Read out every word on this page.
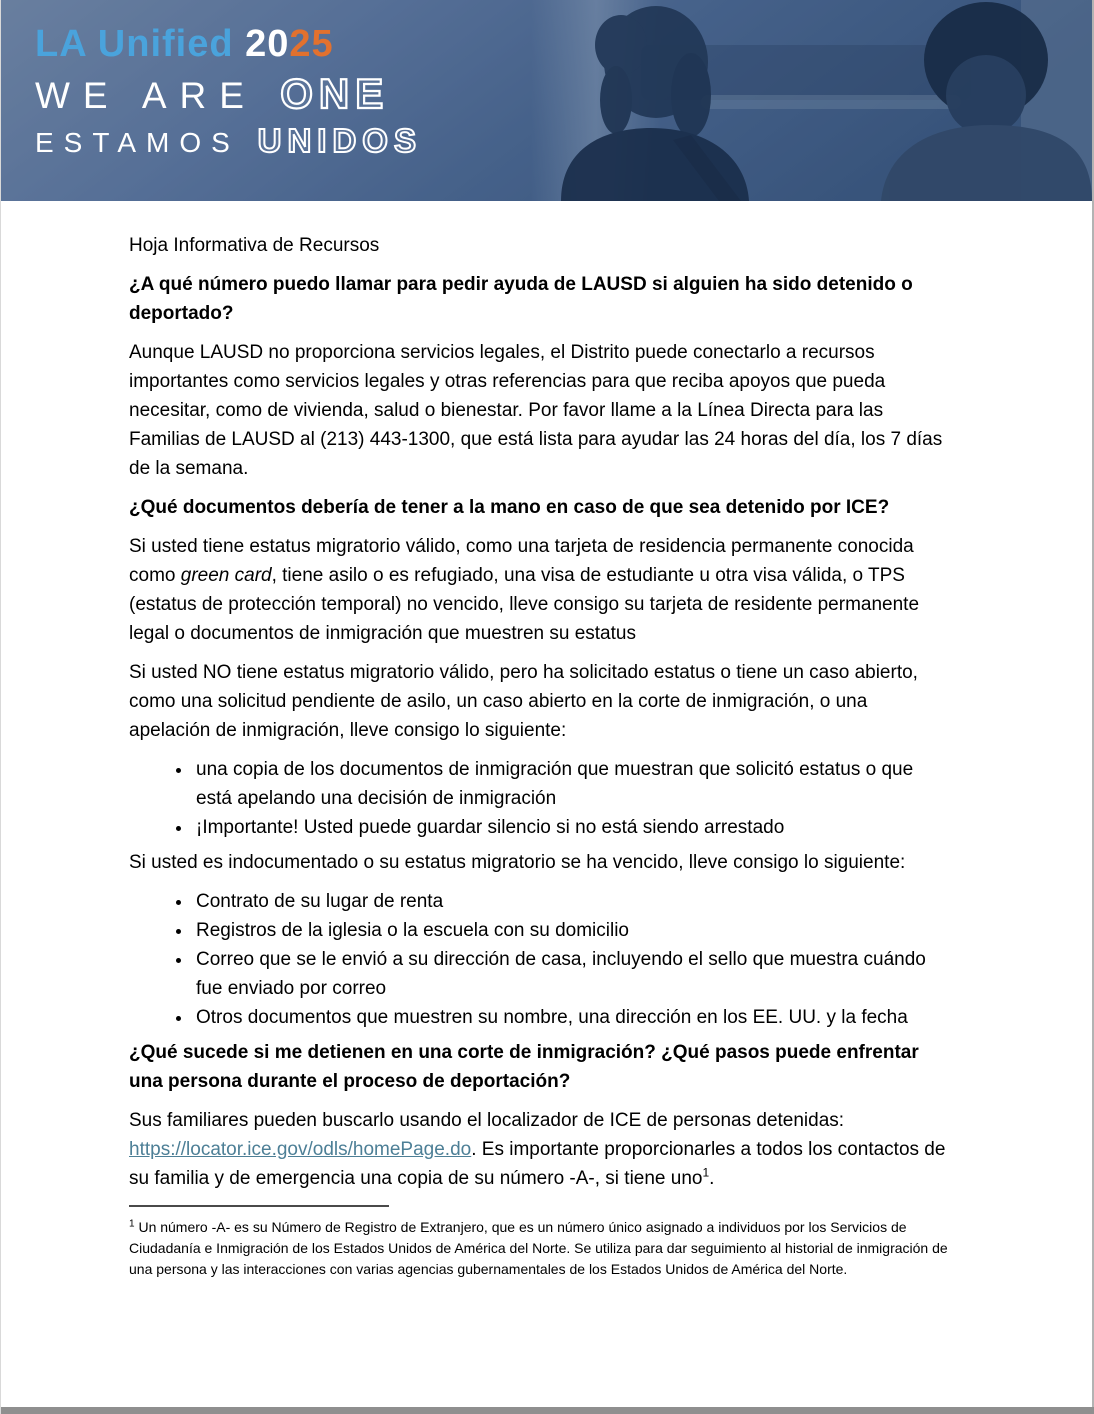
LA Unified 2025
WE ARE ONE
ESTAMOS UNIDOS

Hoja Informativa de Recursos

¿A qué número puedo llamar para pedir ayuda de LAUSD si alguien ha sido detenido o deportado?

Aunque LAUSD no proporciona servicios legales, el Distrito puede conectarlo a recursos importantes como servicios legales y otras referencias para que reciba apoyos que pueda necesitar, como de vivienda, salud o bienestar. Por favor llame a la Línea Directa para las Familias de LAUSD al (213) 443-1300, que está lista para ayudar las 24 horas del día, los 7 días de la semana.

¿Qué documentos debería de tener a la mano en caso de que sea detenido por ICE?

Si usted tiene estatus migratorio válido, como una tarjeta de residencia permanente conocida como green card, tiene asilo o es refugiado, una visa de estudiante u otra visa válida, o TPS (estatus de protección temporal) no vencido, lleve consigo su tarjeta de residente permanente legal o documentos de inmigración que muestren su estatus

Si usted NO tiene estatus migratorio válido, pero ha solicitado estatus o tiene un caso abierto, como una solicitud pendiente de asilo, un caso abierto en la corte de inmigración, o una apelación de inmigración, lleve consigo lo siguiente:

• una copia de los documentos de inmigración que muestran que solicitó estatus o que está apelando una decisión de inmigración
• ¡Importante! Usted puede guardar silencio si no está siendo arrestado

Si usted es indocumentado o su estatus migratorio se ha vencido, lleve consigo lo siguiente:

• Contrato de su lugar de renta
• Registros de la iglesia o la escuela con su domicilio
• Correo que se le envió a su dirección de casa, incluyendo el sello que muestra cuándo fue enviado por correo
• Otros documentos que muestren su nombre, una dirección en los EE. UU. y la fecha
¿Qué sucede si me detienen en una corte de inmigración? ¿Qué pasos puede enfrentar una persona durante el proceso de deportación?

Sus familiares pueden buscarlo usando el localizador de ICE de personas detenidas: https://locator.ice.gov/odls/homePage.do. Es importante proporcionarles a todos los contactos de su familia y de emergencia una copia de su número -A-, si tiene uno$^1$.

$^1$ Un número -A- es su Número de Registro de Extranjero, que es un número único asignado a individuos por los Servicios de Ciudadanía e Inmigración de los Estados Unidos de América del Norte. Se utiliza para dar seguimiento al historial de inmigración de una persona y las interacciones con varias agencias gubernamentales de los Estados Unidos de América del Norte.
